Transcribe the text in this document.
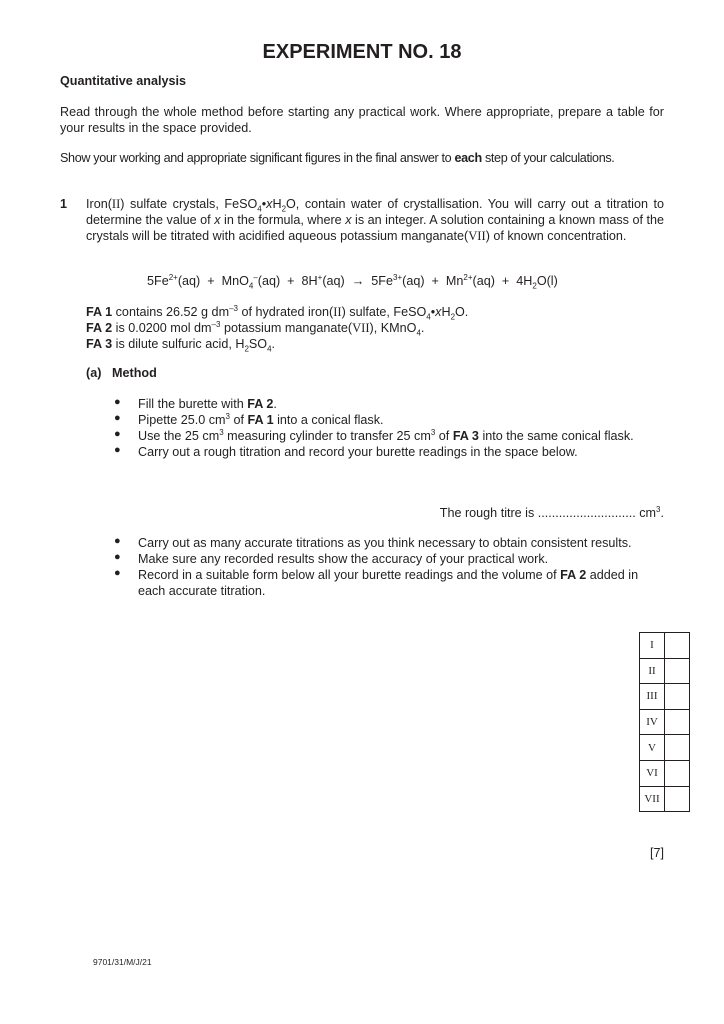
EXPERIMENT NO. 18
Quantitative analysis
Read through the whole method before starting any practical work. Where appropriate, prepare a table for your results in the space provided.
Show your working and appropriate significant figures in the final answer to each step of your calculations.
1 Iron(II) sulfate crystals, $FeSO_4•xH_2O$, contain water of crystallisation. You will carry out a titration to determine the value of x in the formula, where x is an integer. A solution containing a known mass of the crystals will be titrated with acidified aqueous potassium manganate(VII) of known concentration.
$5Fe^{2+}(aq) + MnO_4^-(aq) + 8H^+(aq) \to 5Fe^{3+}(aq) + Mn^{2+}(aq) + 4H_2O(l)$
FA 1 contains 26.52 g $dm^{-3}$ of hydrated iron(II) sulfate, $FeSO_4•xH_2O$.
FA 2 is 0.0200 mol $dm^{-3}$ potassium manganate(VII), KMnO$_4$.
FA 3 is dilute sulfuric acid, $H_2SO_4$.
(a) Method
● Fill the burette with FA 2.
● Pipette 25.0 $cm^3$ of FA 1 into a conical flask.
● Use the 25 $cm^3$ measuring cylinder to transfer 25 $cm^3$ of FA 3 into the same conical flask.
● Carry out a rough titration and record your burette readings in the space below.
The rough titre is ............................ $cm^3$.
● Carry out as many accurate titrations as you think necessary to obtain consistent results.
● Make sure any recorded results show the accuracy of your practical work.
● Record in a suitable form below all your burette readings and the volume of FA 2 added in each accurate titration.
I	
II	
III	
IV	
V	
VI	
VII	
[7]
9701/31/M/J/21
